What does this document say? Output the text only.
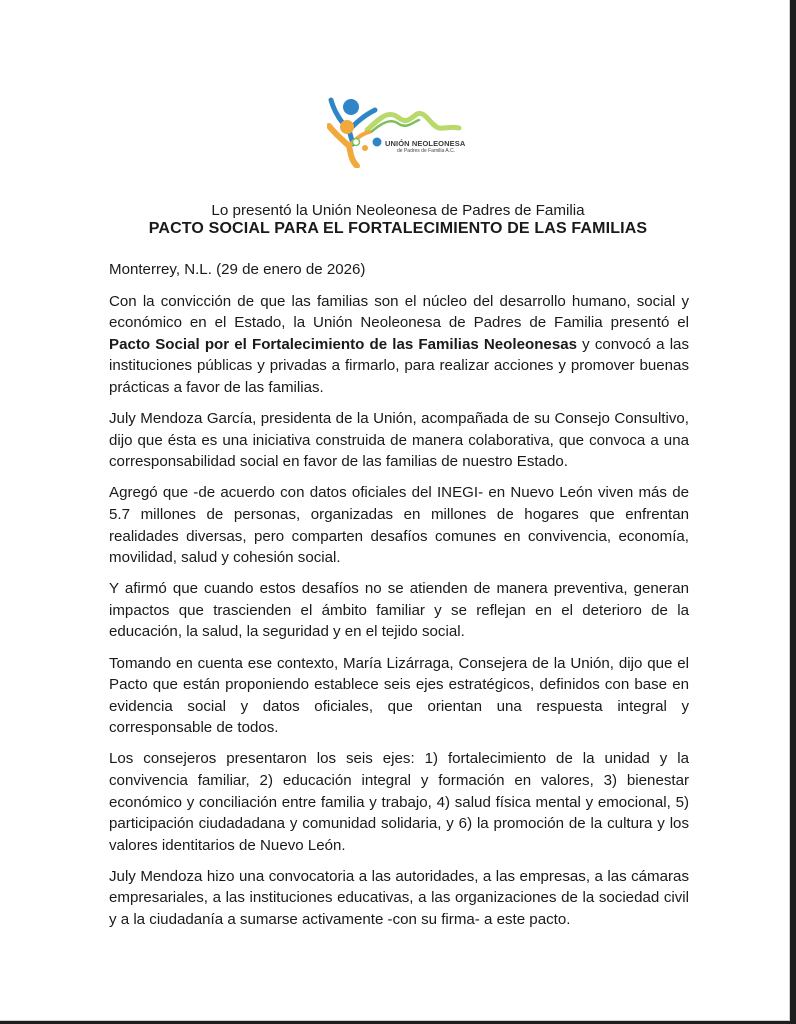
UNIÓN NEOLEONESA
de Padres de Familia A.C.
Lo presentó la Unión Neoleonesa de Padres de Familia
PACTO SOCIAL PARA EL FORTALECIMIENTO DE LAS FAMILIAS

Monterrey, N.L. (29 de enero de 2026)

Con la convicción de que las familias son el núcleo del desarrollo humano, social y económico en el Estado, la Unión Neoleonesa de Padres de Familia presentó el Pacto Social por el Fortalecimiento de las Familias Neoleonesas y convocó a las instituciones públicas y privadas a firmarlo, para realizar acciones y promover buenas prácticas a favor de las familias.

July Mendoza García, presidenta de la Unión, acompañada de su Consejo Consultivo, dijo que ésta es una iniciativa construida de manera colaborativa, que convoca a una corresponsabilidad social en favor de las familias de nuestro Estado.

Agregó que -de acuerdo con datos oficiales del INEGI- en Nuevo León viven más de 5.7 millones de personas, organizadas en millones de hogares que enfrentan realidades diversas, pero comparten desafíos comunes en convivencia, economía, movilidad, salud y cohesión social.

Y afirmó que cuando estos desafíos no se atienden de manera preventiva, generan impactos que trascienden el ámbito familiar y se reflejan en el deterioro de la educación, la salud, la seguridad y en el tejido social.

Tomando en cuenta ese contexto, María Lizárraga, Consejera de la Unión, dijo que el Pacto que están proponiendo establece seis ejes estratégicos, definidos con base en evidencia social y datos oficiales, que orientan una respuesta integral y corresponsable de todos.

Los consejeros presentaron los seis ejes: 1) fortalecimiento de la unidad y la convivencia familiar, 2) educación integral y formación en valores, 3) bienestar económico y conciliación entre familia y trabajo, 4) salud física mental y emocional, 5) participación ciudadadana y comunidad solidaria, y 6) la promoción de la cultura y los valores identitarios de Nuevo León.

July Mendoza hizo una convocatoria a las autoridades, a las empresas, a las cámaras empresariales, a las instituciones educativas, a las organizaciones de la sociedad civil y a la ciudadanía a sumarse activamente -con su firma- a este pacto.
